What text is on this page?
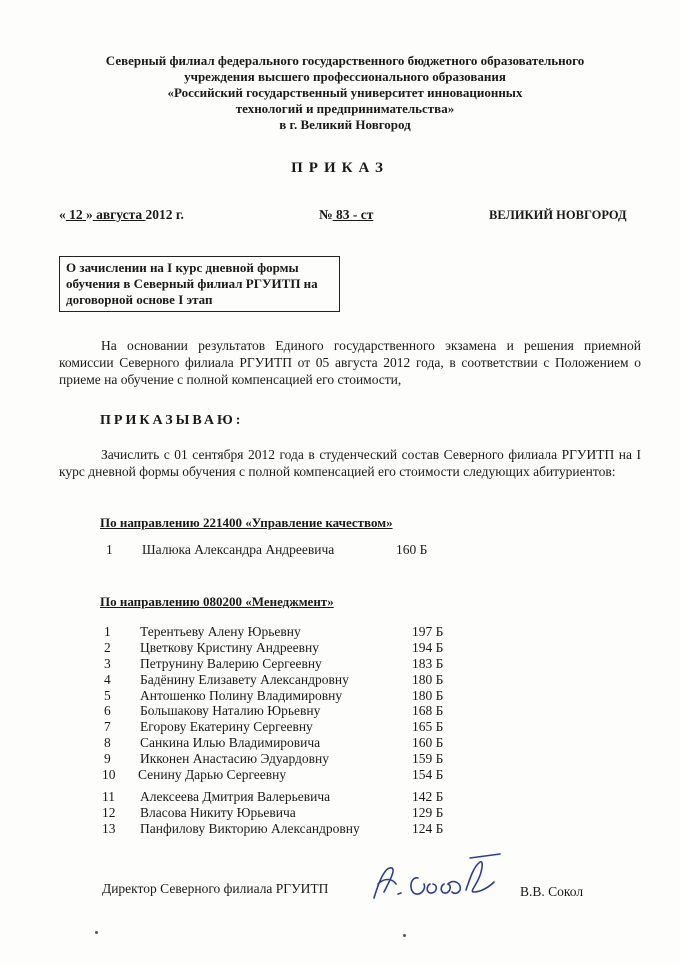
Северный филиал федерального государственного бюджетного образовательного
учреждения высшего профессионального образования
«Российский государственный университет инновационных
технологий и предпринимательства»
в г. Великий Новгород
ПРИКАЗ
« 12 » августа 2012 г.	№ 83 - ст	ВЕЛИКИЙ НОВГОРОД
О зачислении на I курс дневной формы обучения в Северный филиал РГУИТП на договорной основе I этап
На основании результатов Единого государственного экзамена и решения приемной комиссии Северного филиала РГУИТП от 05 августа 2012 года, в соответствии с Положением о приеме на обучение с полной компенсацией его стоимости,
ПРИКАЗЫВАЮ:
Зачислить с 01 сентября 2012 года в студенческий состав Северного филиала РГУИТП на I курс дневной формы обучения с полной компенсацией его стоимости следующих абитуриентов:
По направлению 221400 «Управление качеством»
1 Шалюка Александра Андреевича	160 Б
По направлению 080200 «Менеджмент»
1 Терентьеву Алену Юрьевну	197 Б
2 Цветкову Кристину Андреевну	194 Б
3 Петрунину Валерию Сергеевну	183 Б
4 Бадёнину Елизавету Александровну	180 Б
5 Антошенко Полину Владимировну	180 Б
6 Большакову Наталию Юрьевну	168 Б
7 Егорову Екатерину Сергеевну	165 Б
8 Санкина Илью Владимировича	160 Б
9 Икконен Анастасию Эдуардовну	159 Б
10 Сенину Дарью Сергеевну	154 Б
11 Алексеева Дмитрия Валерьевича	142 Б
12 Власова Никиту Юрьевича	129 Б
13 Панфилову Викторию Александровну	124 Б
Директор Северного филиала РГУИТП	В.В. Сокол
